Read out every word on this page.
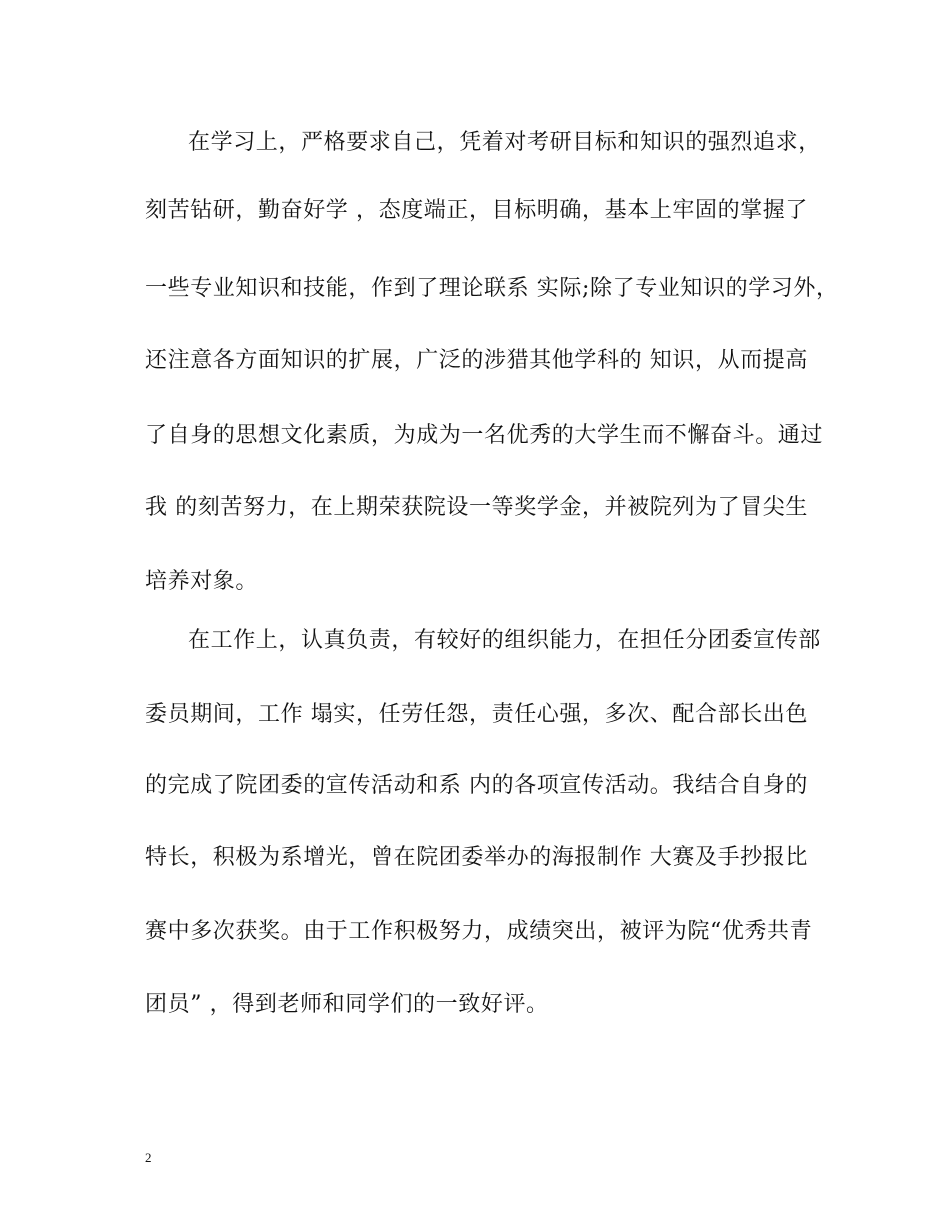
在学习上，严格要求自己，凭着对考研目标和知识的强烈追求，
刻苦钻研，勤奋好学 ，态度端正，目标明确，基本上牢固的掌握了
一些专业知识和技能，作到了理论联系 实际;除了专业知识的学习外，
还注意各方面知识的扩展，广泛的涉猎其他学科的 知识，从而提高
了自身的思想文化素质，为成为一名优秀的大学生而不懈奋斗。通过
我 的刻苦努力，在上期荣获院设一等奖学金，并被院列为了冒尖生
培养对象。
在工作上，认真负责，有较好的组织能力，在担任分团委宣传部
委员期间，工作 塌实，任劳任怨，责任心强，多次、配合部长出色
的完成了院团委的宣传活动和系 内的各项宣传活动。我结合自身的
特长，积极为系增光，曾在院团委举办的海报制作 大赛及手抄报比
赛中多次获奖。由于工作积极努力，成绩突出，被评为院“优秀共青
团员” ，得到老师和同学们的一致好评。
2
